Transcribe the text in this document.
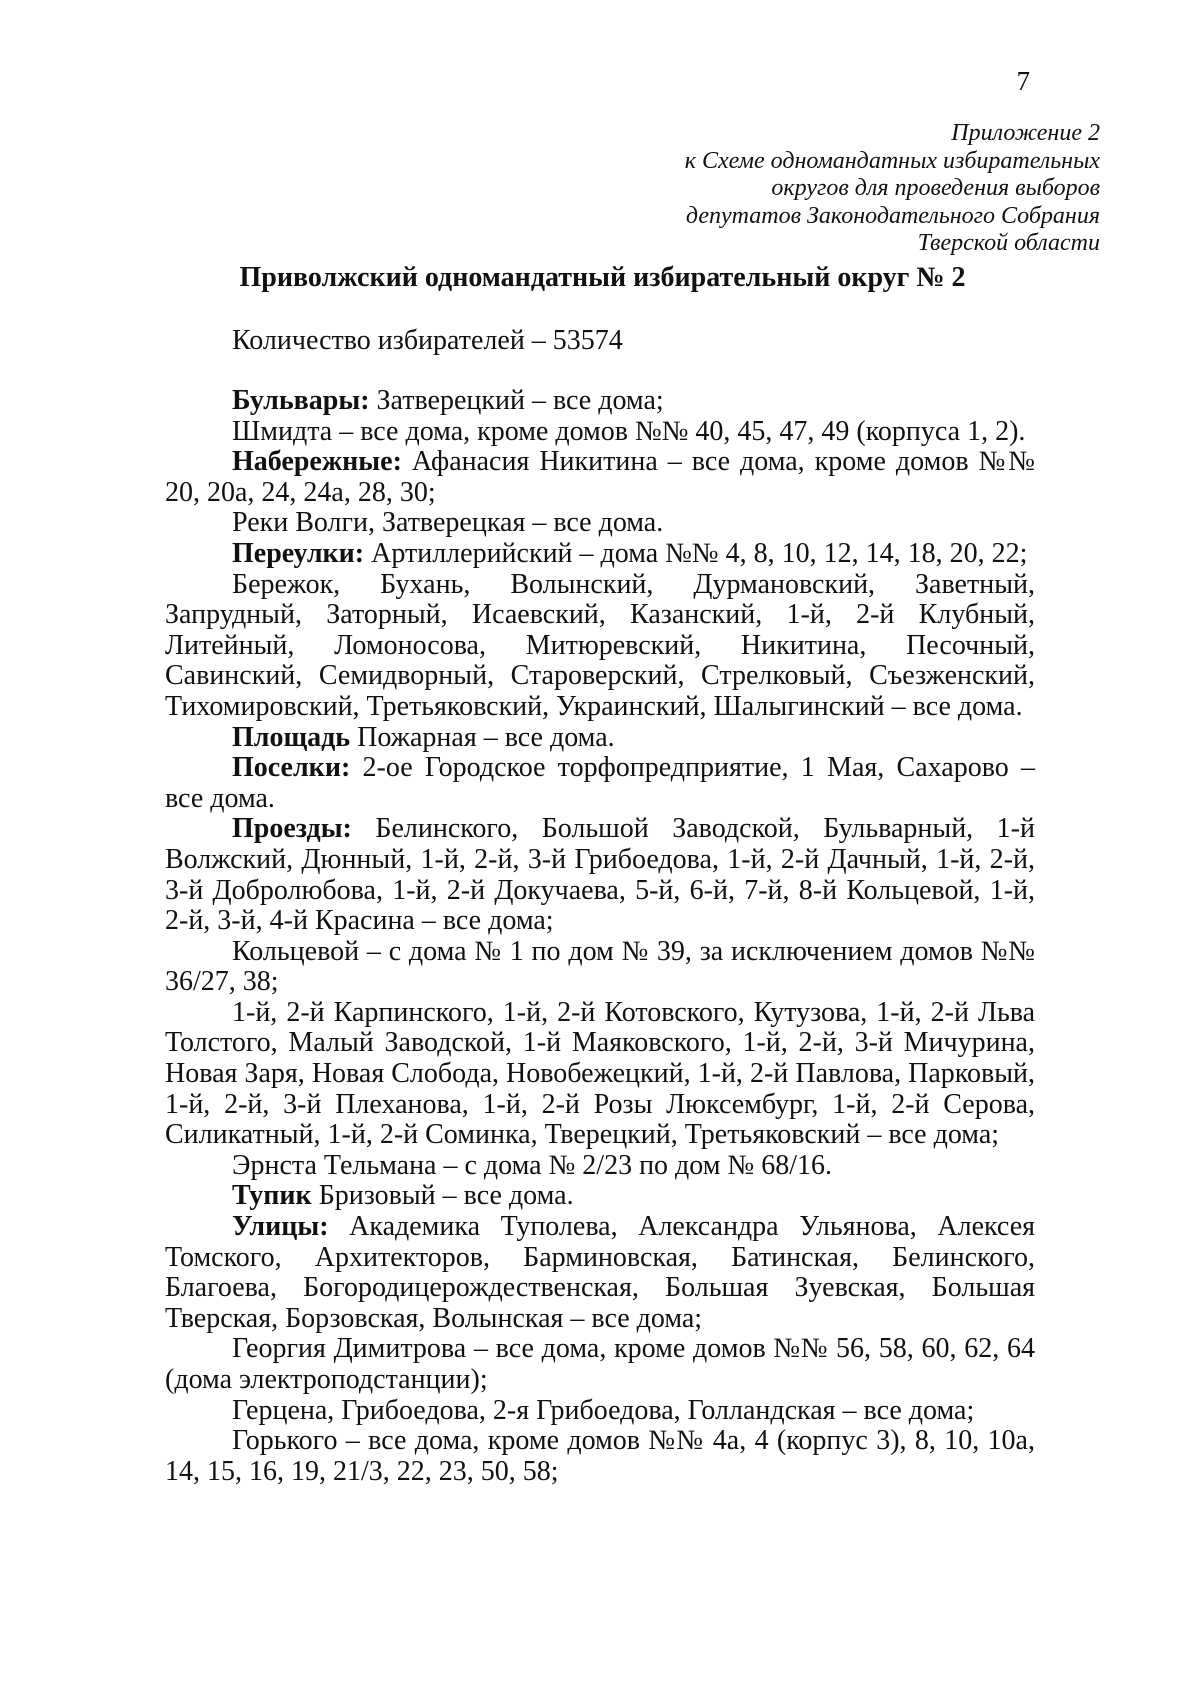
7
Приложение 2
к Схеме одномандатных избирательных
округов для проведения выборов
депутатов Законодательного Собрания
Тверской области
Приволжский одномандатный избирательный округ № 2
Количество избирателей – 53574

Бульвары: Затверецкий – все дома;

Шмидта – все дома, кроме домов №№ 40, 45, 47, 49 (корпуса 1, 2).

Набережные: Афанасия Никитина – все дома, кроме домов №№ 20, 20а, 24, 24а, 28, 30;

Реки Волги, Затверецкая – все дома.

Переулки: Артиллерийский – дома №№ 4, 8, 10, 12, 14, 18, 20, 22;

Бережок, Бухань, Волынский, Дурмановский, Заветный, Запрудный, Заторный, Исаевский, Казанский, 1-й, 2-й Клубный, Литейный, Ломоносова, Митюревский, Никитина, Песочный, Савинский, Семидворный, Староверский, Стрелковый, Съезженский, Тихомировский, Третьяковский, Украинский, Шалыгинский – все дома.

Площадь Пожарная – все дома.

Поселки: 2-ое Городское торфопредприятие, 1 Мая, Сахарово – все дома.

Проезды: Белинского, Большой Заводской, Бульварный, 1-й Волжский, Дюнный, 1-й, 2-й, 3-й Грибоедова, 1-й, 2-й Дачный, 1-й, 2-й, 3-й Добролюбова, 1-й, 2-й Докучаева, 5-й, 6-й, 7-й, 8-й Кольцевой, 1-й, 2-й, 3-й, 4-й Красина – все дома;

Кольцевой – с дома № 1 по дом № 39, за исключением домов №№ 36/27, 38;

1-й, 2-й Карпинского, 1-й, 2-й Котовского, Кутузова, 1-й, 2-й Льва Толстого, Малый Заводской, 1-й Маяковского, 1-й, 2-й, 3-й Мичурина, Новая Заря, Новая Слобода, Новобежецкий, 1-й, 2-й Павлова, Парковый, 1-й, 2-й, 3-й Плеханова, 1-й, 2-й Розы Люксембург, 1-й, 2-й Серова, Силикатный, 1-й, 2-й Соминка, Тверецкий, Третьяковский – все дома;

Эрнста Тельмана – с дома № 2/23 по дом № 68/16.

Тупик Бризовый – все дома.

Улицы: Академика Туполева, Александра Ульянова, Алексея Томского, Архитекторов, Барминовская, Батинская, Белинского, Благоева, Богородицерождественская, Большая Зуевская, Большая Тверская, Борзовская, Волынская – все дома;

Георгия Димитрова – все дома, кроме домов №№ 56, 58, 60, 62, 64 (дома электроподстанции);

Герцена, Грибоедова, 2-я Грибоедова, Голландская – все дома;

Горького – все дома, кроме домов №№ 4а, 4 (корпус 3), 8, 10, 10а, 14, 15, 16, 19, 21/3, 22, 23, 50, 58;
